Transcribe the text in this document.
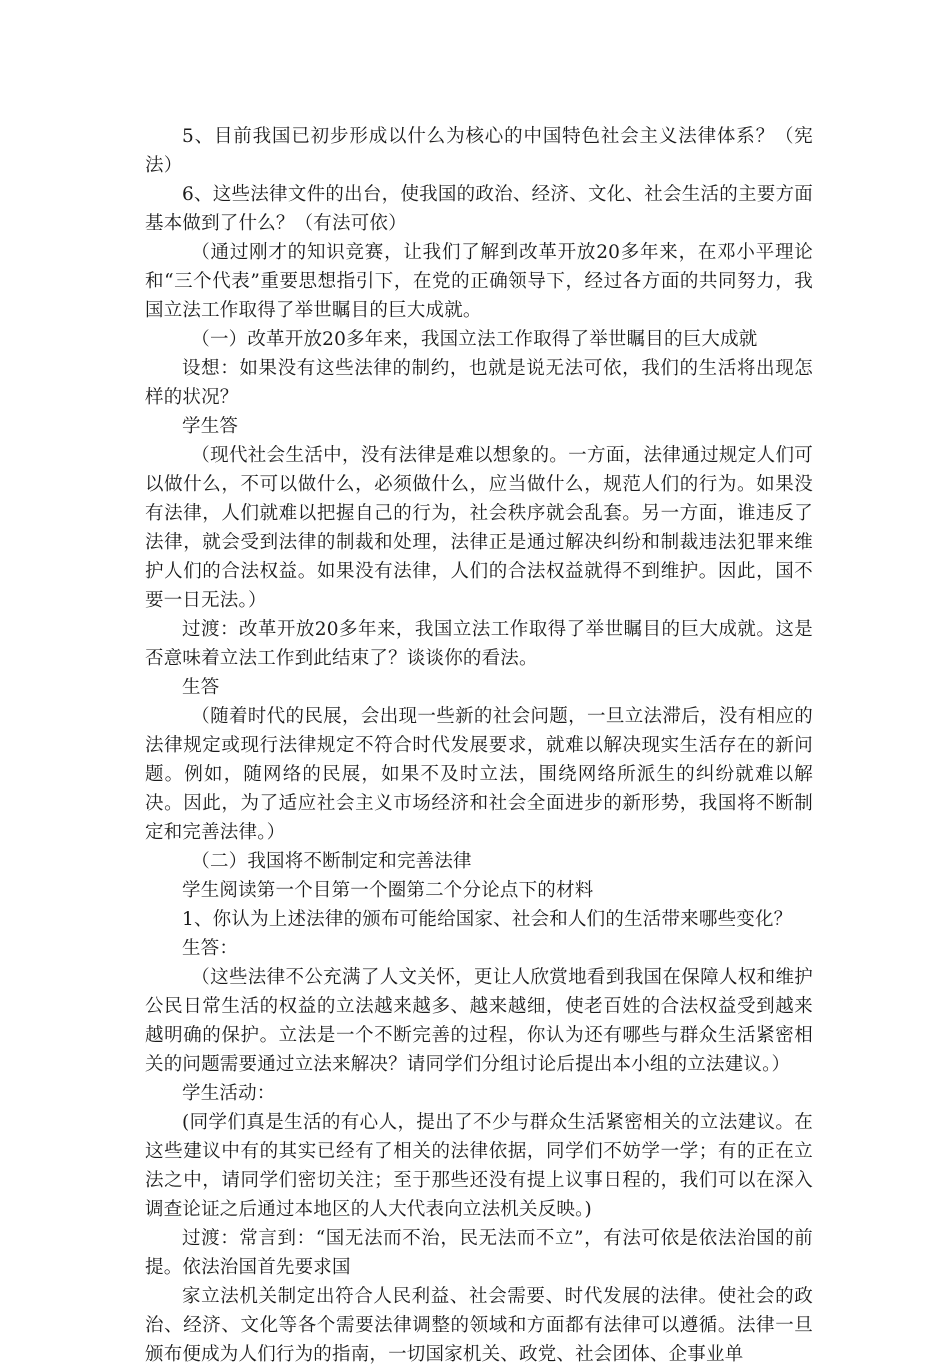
5、目前我国已初步形成以什么为核心的中国特色社会主义法律体系？（宪法）

6、这些法律文件的出台，使我国的政治、经济、文化、社会生活的主要方面基本做到了什么？（有法可依）

（通过刚才的知识竞赛，让我们了解到改革开放20多年来，在邓小平理论和“三个代表”重要思想指引下，在党的正确领导下，经过各方面的共同努力，我国立法工作取得了举世瞩目的巨大成就。

（一）改革开放20多年来，我国立法工作取得了举世瞩目的巨大成就

设想：如果没有这些法律的制约，也就是说无法可依，我们的生活将出现怎样的状况？

学生答

（现代社会生活中，没有法律是难以想象的。一方面，法律通过规定人们可以做什么，不可以做什么，必须做什么，应当做什么，规范人们的行为。如果没有法律，人们就难以把握自己的行为，社会秩序就会乱套。另一方面，谁违反了法律，就会受到法律的制裁和处理，法律正是通过解决纠纷和制裁违法犯罪来维护人们的合法权益。如果没有法律，人们的合法权益就得不到维护。因此，国不要一日无法。）

过渡：改革开放20多年来，我国立法工作取得了举世瞩目的巨大成就。这是否意味着立法工作到此结束了？谈谈你的看法。

生答

（随着时代的民展，会出现一些新的社会问题，一旦立法滞后，没有相应的法律规定或现行法律规定不符合时代发展要求，就难以解决现实生活存在的新问题。例如，随网络的民展，如果不及时立法，围绕网络所派生的纠纷就难以解决。因此，为了适应社会主义市场经济和社会全面进步的新形势，我国将不断制定和完善法律。）

（二）我国将不断制定和完善法律

学生阅读第一个目第一个圈第二个分论点下的材料

1、你认为上述法律的颁布可能给国家、社会和人们的生活带来哪些变化？

生答：

（这些法律不公充满了人文关怀，更让人欣赏地看到我国在保障人权和维护公民日常生活的权益的立法越来越多、越来越细，使老百姓的合法权益受到越来越明确的保护。立法是一个不断完善的过程，你认为还有哪些与群众生活紧密相关的问题需要通过立法来解决？请同学们分组讨论后提出本小组的立法建议。）

学生活动：

(同学们真是生活的有心人，提出了不少与群众生活紧密相关的立法建议。在这些建议中有的其实已经有了相关的法律依据，同学们不妨学一学；有的正在立法之中，请同学们密切关注；至于那些还没有提上议事日程的，我们可以在深入调查论证之后通过本地区的人大代表向立法机关反映。)

过渡：常言到：“国无法而不治，民无法而不立”，有法可依是依法治国的前提。依法治国首先要求国

家立法机关制定出符合人民利益、社会需要、时代发展的法律。使社会的政治、经济、文化等各个需要法律调整的领域和方面都有法律可以遵循。法律一旦颁布便成为人们行为的指南，一切国家机关、政党、社会团体、企事业单
